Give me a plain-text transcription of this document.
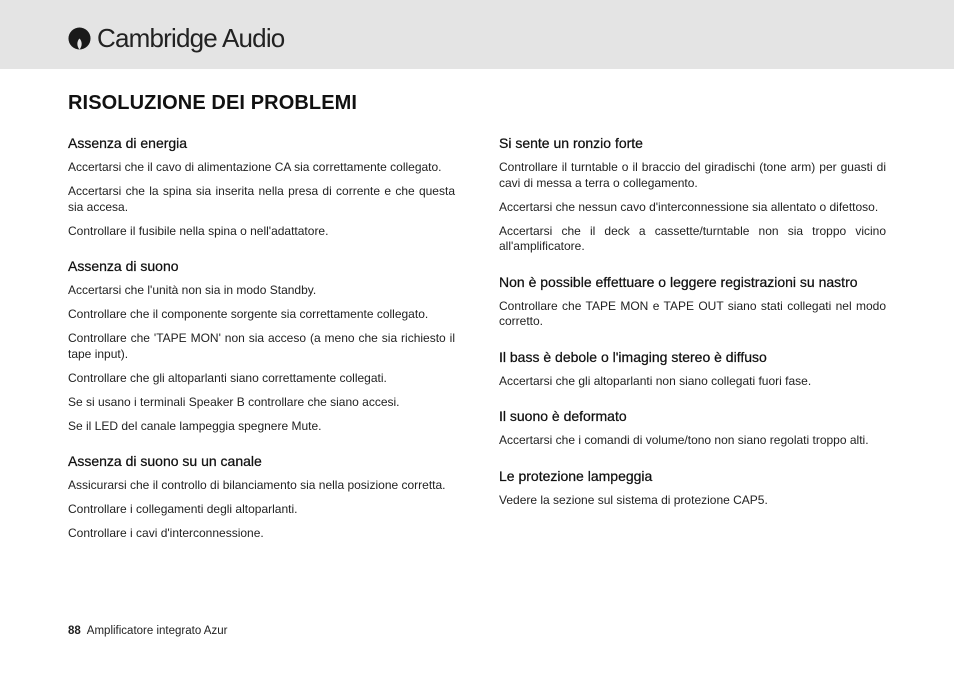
Cambridge Audio
RISOLUZIONE DEI PROBLEMI
Assenza di energia

Accertarsi che il cavo di alimentazione CA sia correttamente collegato.

Accertarsi che la spina sia inserita nella presa di corrente e che questa sia accesa.

Controllare il fusibile nella spina o nell'adattatore.

Assenza di suono

Accertarsi che l'unità non sia in modo Standby.

Controllare che il componente sorgente sia correttamente collegato.

Controllare che 'TAPE MON' non sia acceso (a meno che sia richiesto il tape input).

Controllare che gli altoparlanti siano correttamente collegati.

Se si usano i terminali Speaker B controllare che siano accesi.

Se il LED del canale lampeggia spegnere Mute.

Assenza di suono su un canale

Assicurarsi che il controllo di bilanciamento sia nella posizione corretta.

Controllare i collegamenti degli altoparlanti.

Controllare i cavi d'interconnessione.

Si sente un ronzio forte

Controllare il turntable o il braccio del giradischi (tone arm) per guasti di cavi di messa a terra o collegamento.

Accertarsi che nessun cavo d'interconnessione sia allentato o difettoso.

Accertarsi che il deck a cassette/turntable non sia troppo vicino all'amplificatore.

Non è possible effettuare o leggere registrazioni su nastro

Controllare che TAPE MON e TAPE OUT siano stati collegati nel modo corretto.

Il bass è debole o l'imaging stereo è diffuso

Accertarsi che gli altoparlanti non siano collegati fuori fase.

Il suono è deformato

Accertarsi che i comandi di volume/tono non siano regolati troppo alti.

Le protezione lampeggia

Vedere la sezione sul sistema di protezione CAP5.

88 Amplificatore integrato Azur
